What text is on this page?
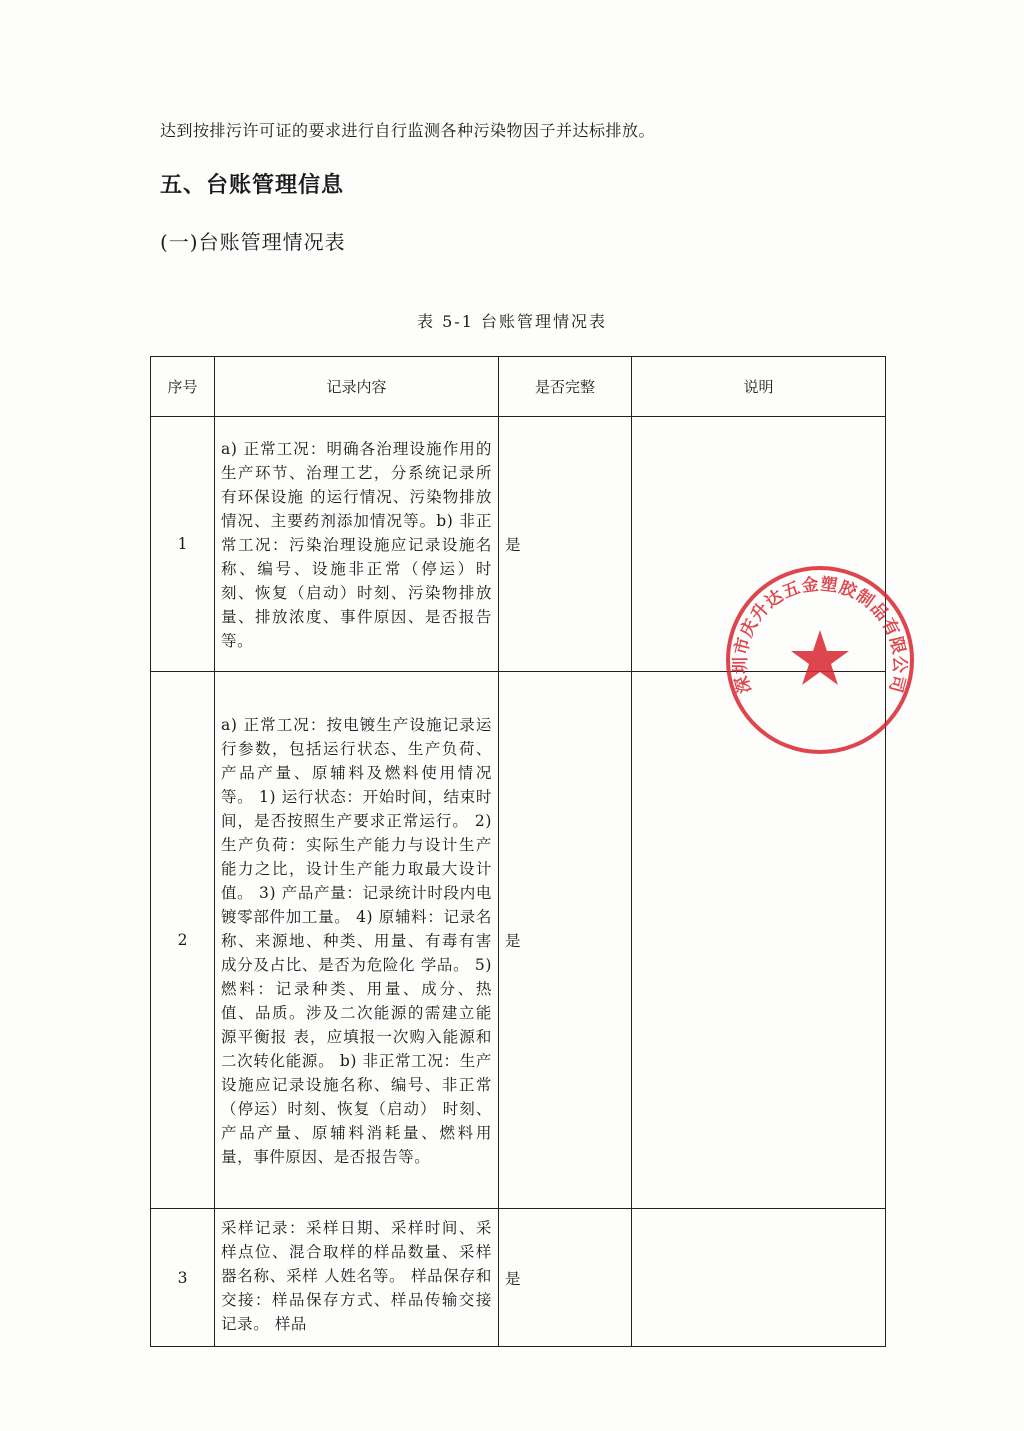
达到按排污许可证的要求进行自行监测各种污染物因子并达标排放。
五、台账管理信息
(一)台账管理情况表
表 5-1 台账管理情况表
序号	记录内容	是否完整	说明
1	a) 正常工况：明确各治理设施作用的生产环节、治理工艺，分系统记录所有环保设施 的运行情况、污染物排放情况、主要药剂添加情况等。b) 非正常工况：污染治理设施应记录设施名称、编号、设施非正常（停运）时刻、恢复（启动）时刻、污染物排放量、排放浓度、事件原因、是否报告等。	是	
2	a) 正常工况：按电镀生产设施记录运行参数，包括运行状态、生产负荷、产品产量、原辅料及燃料使用情况等。 1) 运行状态：开始时间，结束时间，是否按照生产要求正常运行。 2) 生产负荷：实际生产能力与设计生产能力之比，设计生产能力取最大设计值。 3) 产品产量：记录统计时段内电镀零部件加工量。 4) 原辅料：记录名称、来源地、种类、用量、有毒有害成分及占比、是否为危险化 学品。 5) 燃料：记录种类、用量、成分、热值、品质。涉及二次能源的需建立能源平衡报 表，应填报一次购入能源和二次转化能源。 b) 非正常工况：生产设施应记录设施名称、编号、非正常（停运）时刻、恢复（启动） 时刻、产品产量、原辅料消耗量、燃料用量，事件原因、是否报告等。	是	
3	采样记录：采样日期、采样时间、采样点位、混合取样的样品数量、采样器名称、采样 人姓名等。 样品保存和交接：样品保存方式、样品传输交接记录。 样品	是	
深圳市庆升达五金塑胶制品有限公司
